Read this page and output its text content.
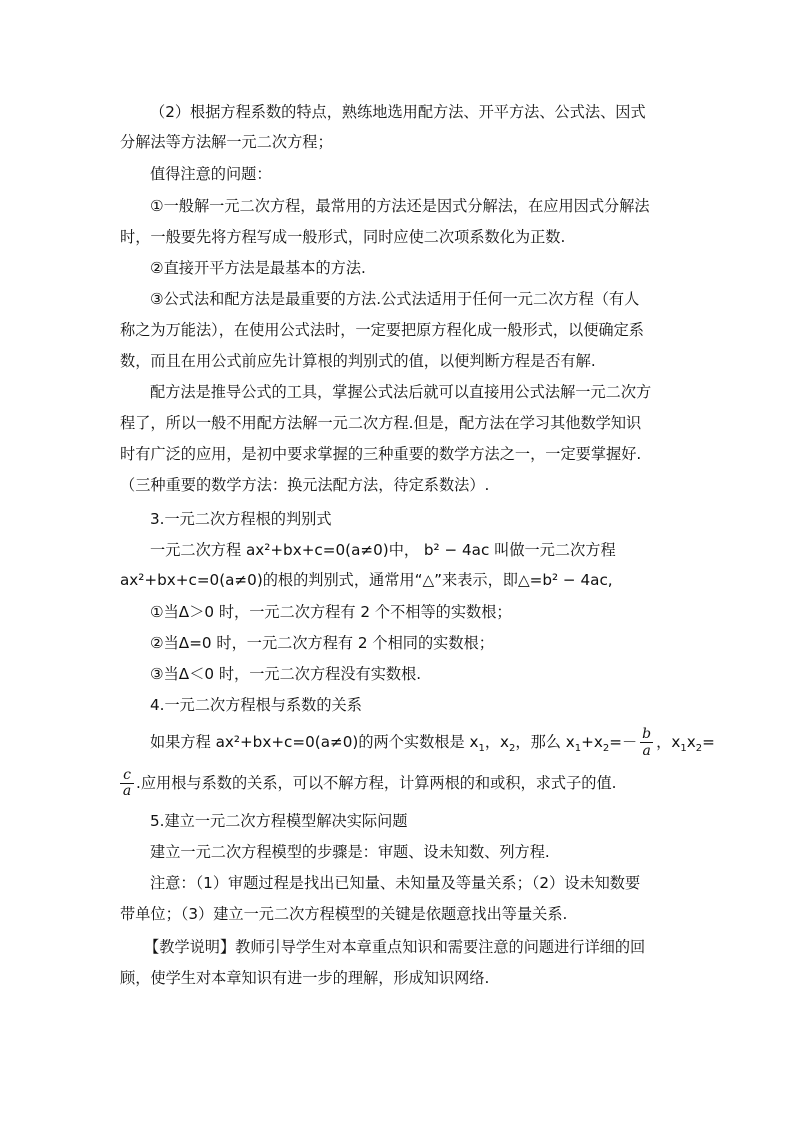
（2）根据方程系数的特点，熟练地选用配方法、开平方法、公式法、因式
分解法等方法解一元二次方程；
值得注意的问题：
①一般解一元二次方程，最常用的方法还是因式分解法，在应用因式分解法
时，一般要先将方程写成一般形式，同时应使二次项系数化为正数.
②直接开平方法是最基本的方法.
③公式法和配方法是最重要的方法.公式法适用于任何一元二次方程（有人
称之为万能法），在使用公式法时，一定要把原方程化成一般形式，以便确定系
数，而且在用公式前应先计算根的判别式的值，以便判断方程是否有解.
配方法是推导公式的工具，掌握公式法后就可以直接用公式法解一元二次方
程了，所以一般不用配方法解一元二次方程.但是，配方法在学习其他数学知识
时有广泛的应用，是初中要求掌握的三种重要的数学方法之一，一定要掌握好.
（三种重要的数学方法：换元法配方法，待定系数法）.
3.一元二次方程根的判别式
一元二次方程 ax²+bx+c=0(a≠0)中， b² − 4ac 叫做一元二次方程
ax²+bx+c=0(a≠0)的根的判别式，通常用“△”来表示，即△=b² − 4ac,
①当Δ＞0 时，一元二次方程有 2 个不相等的实数根；
②当Δ=0 时，一元二次方程有 2 个相同的实数根；
③当Δ＜0 时，一元二次方程没有实数根.
4.一元二次方程根与系数的关系
如果方程 ax²+bx+c=0(a≠0)的两个实数根是 $x_1$，$x_2$，那么 $x_1+x_2=- \frac{b}{a}$ ，$x_1x_2=$
$\frac{c}{a}$ .应用根与系数的关系，可以不解方程，计算两根的和或积，求式子的值.
5.建立一元二次方程模型解决实际问题
建立一元二次方程模型的步骤是：审题、设未知数、列方程.
注意：（1）审题过程是找出已知量、未知量及等量关系；（2）设未知数要
带单位；（3）建立一元二次方程模型的关键是依题意找出等量关系.
【教学说明】教师引导学生对本章重点知识和需要注意的问题进行详细的回
顾，使学生对本章知识有进一步的理解，形成知识网络.
